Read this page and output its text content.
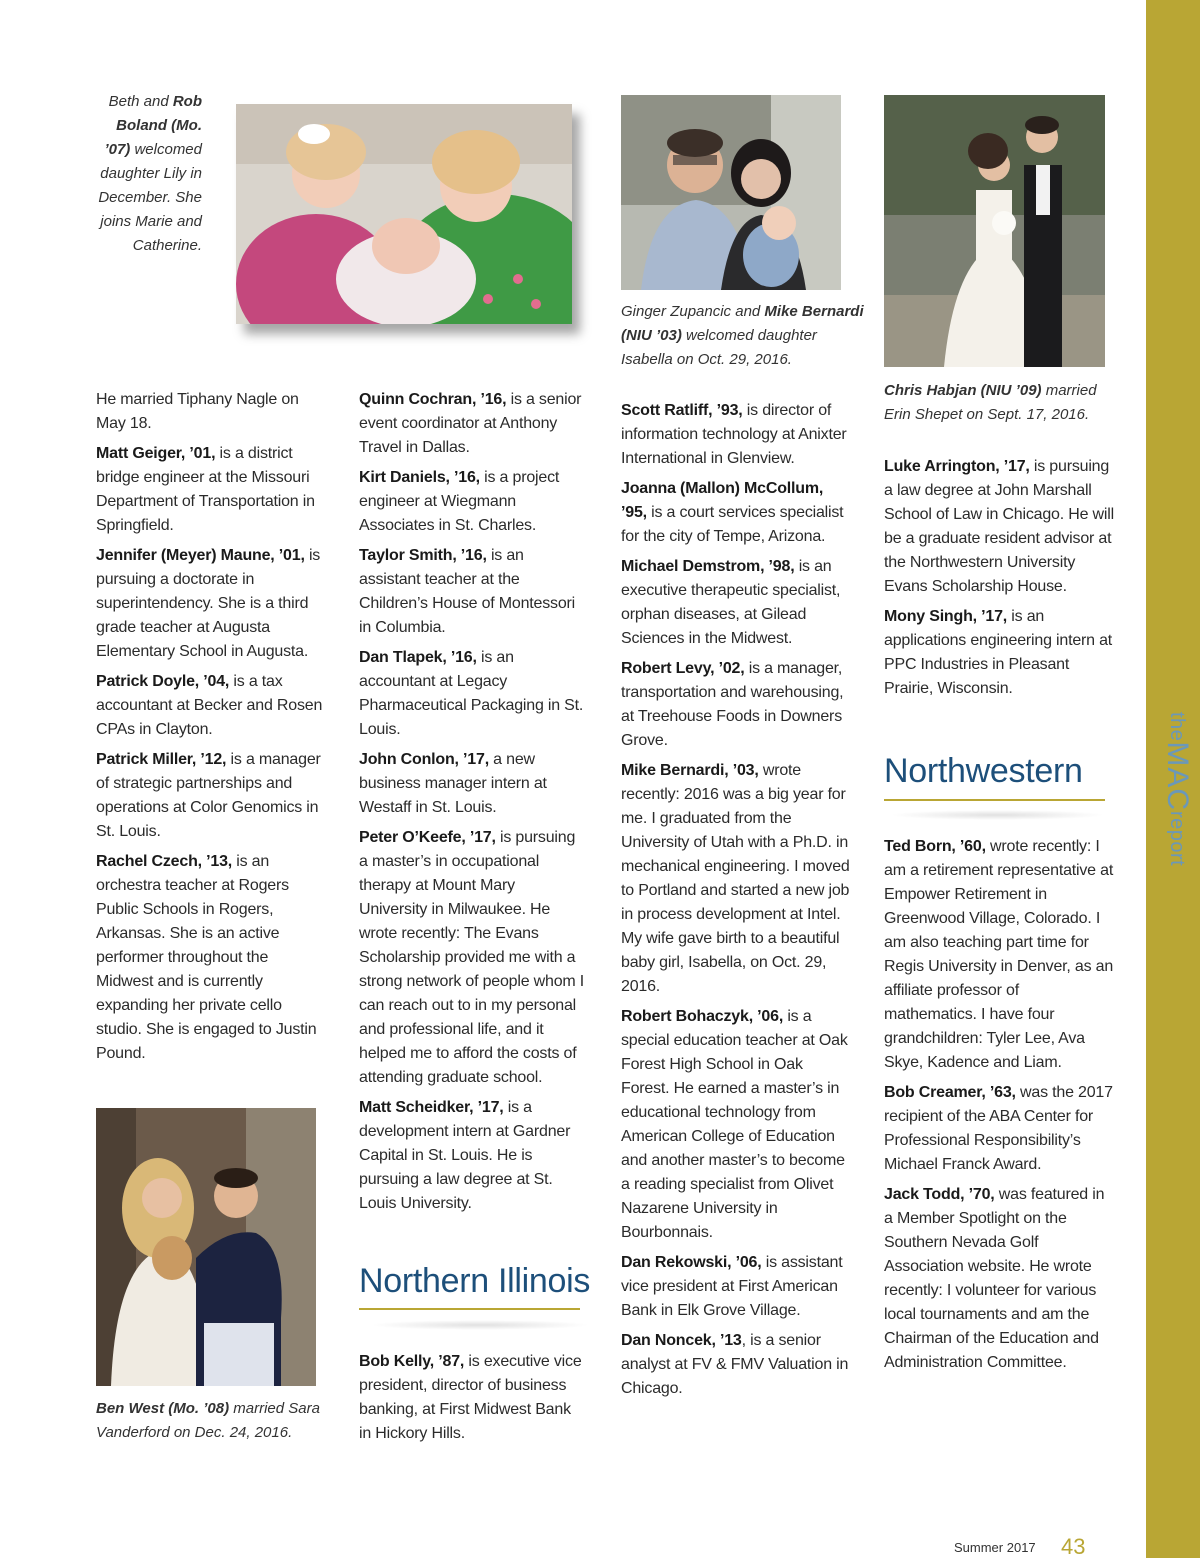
theMACreport
Beth and Rob Boland (Mo. ’07) welcomed daughter Lily in December. She joins Marie and Catherine.
Ginger Zupancic and Mike Bernardi (NIU ’03) welcomed daughter Isabella on Oct. 29, 2016.
Chris Habjan (NIU ’09) married Erin Shepet on Sept. 17, 2016.

He married Tiphany Nagle on May 18.

Matt Geiger, ’01, is a district bridge engineer at the Missouri Department of Transportation in Springfield.

Jennifer (Meyer) Maune, ’01, is pursuing a doctorate in superintendency. She is a third grade teacher at Augusta Elementary School in Augusta.

Patrick Doyle, ’04, is a tax accountant at Becker and Rosen CPAs in Clayton.

Patrick Miller, ’12, is a manager of strategic partnerships and operations at Color Genomics in St. Louis.

Rachel Czech, ’13, is an orchestra teacher at Rogers Public Schools in Rogers, Arkansas. She is an active performer throughout the Midwest and is currently expanding her private cello studio. She is engaged to Justin Pound.

Ben West (Mo. ’08) married Sara Vanderford on Dec. 24, 2016.

Quinn Cochran, ’16, is a senior event coordinator at Anthony Travel in Dallas.

Kirt Daniels, ’16, is a project engineer at Wiegmann Associates in St. Charles.

Taylor Smith, ’16, is an assistant teacher at the Children’s House of Montessori in Columbia.

Dan Tlapek, ’16, is an accountant at Legacy Pharmaceutical Packaging in St. Louis.

John Conlon, ’17, a new business manager intern at Westaff in St. Louis.

Peter O’Keefe, ’17, is pursuing a master’s in occupational therapy at Mount Mary University in Milwaukee. He wrote recently: The Evans Scholarship provided me with a strong network of people whom I can reach out to in my personal and professional life, and it helped me to afford the costs of attending graduate school.

Matt Scheidker, ’17, is a development intern at Gardner Capital in St. Louis. He is pursuing a law degree at St. Louis University.

Northern Illinois

Bob Kelly, ’87, is executive vice president, director of business banking, at First Midwest Bank in Hickory Hills.

Scott Ratliff, ’93, is director of information technology at Anixter International in Glenview.

Joanna (Mallon) McCollum, ’95, is a court services specialist for the city of Tempe, Arizona.

Michael Demstrom, ’98, is an executive therapeutic specialist, orphan diseases, at Gilead Sciences in the Midwest.

Robert Levy, ’02, is a manager, transportation and warehousing, at Treehouse Foods in Downers Grove.

Mike Bernardi, ’03, wrote recently: 2016 was a big year for me. I graduated from the University of Utah with a Ph.D. in mechanical engineering. I moved to Portland and started a new job in process development at Intel. My wife gave birth to a beautiful baby girl, Isabella, on Oct. 29, 2016.

Robert Bohaczyk, ’06, is a special education teacher at Oak Forest High School in Oak Forest. He earned a master’s in educational technology from American College of Education and another master’s to become a reading specialist from Olivet Nazarene University in Bourbonnais.

Dan Rekowski, ’06, is assistant vice president at First American Bank in Elk Grove Village.

Dan Noncek, ’13, is a senior analyst at FV & FMV Valuation in Chicago.

Luke Arrington, ’17, is pursuing a law degree at John Marshall School of Law in Chicago. He will be a graduate resident advisor at the Northwestern University Evans Scholarship House.

Mony Singh, ’17, is an applications engineering intern at PPC Industries in Pleasant Prairie, Wisconsin.

Northwestern

Ted Born, ’60, wrote recently: I am a retirement representative at Empower Retirement in Greenwood Village, Colorado. I am also teaching part time for Regis University in Denver, as an affiliate professor of mathematics. I have four grandchildren: Tyler Lee, Ava Skye, Kadence and Liam.

Bob Creamer, ’63, was the 2017 recipient of the ABA Center for Professional Responsibility’s Michael Franck Award.

Jack Todd, ’70, was featured in a Member Spotlight on the Southern Nevada Golf Association website. He wrote recently: I volunteer for various local tournaments and am the Chairman of the Education and Administration Committee.

Summer 2017 43
